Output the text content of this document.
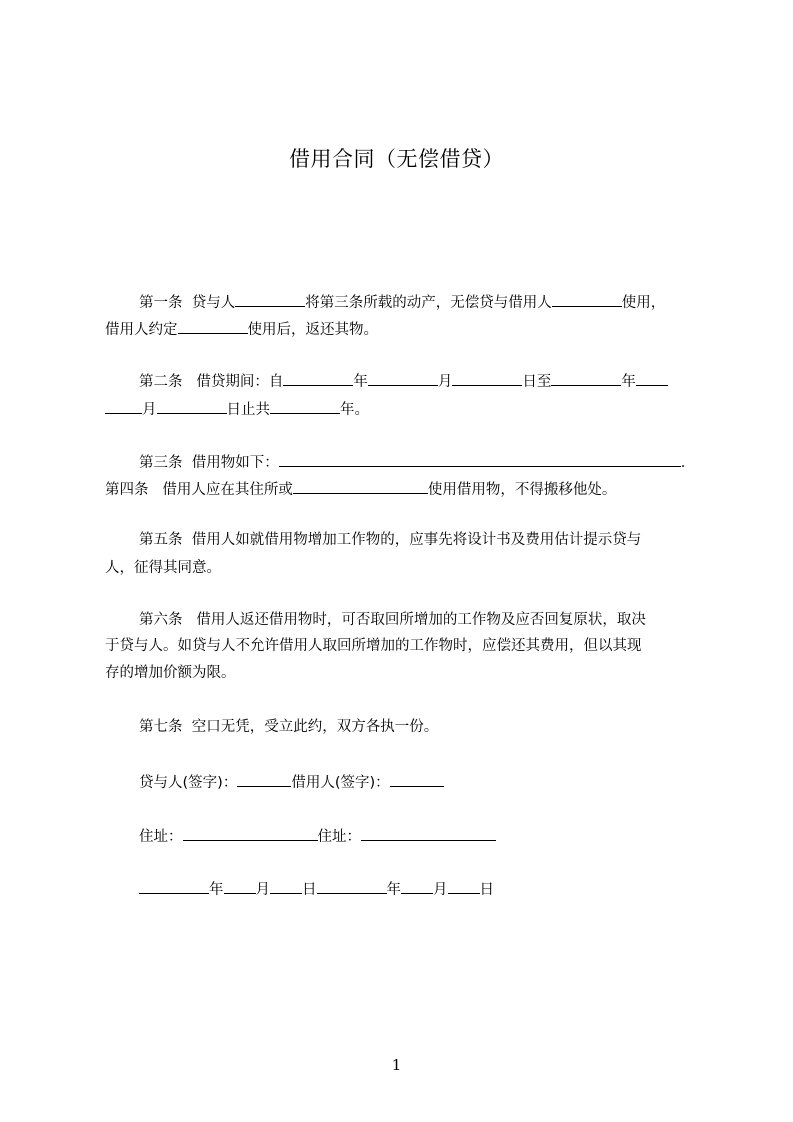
借用合同（无偿借贷）
第一条 贷与人	将第三条所载的动产，无偿贷与借用人	使用，
借用人约定	使用后，返还其物。
第二条 借贷期间：自	年	月	日至	年
月	日止共	年。
第三条 借用物如下：	.
第四条 借用人应在其住所或	使用借用物，不得搬移他处。
第五条 借用人如就借用物增加工作物的，应事先将设计书及费用估计提示贷与
人，征得其同意。
第六条 借用人返还借用物时，可否取回所增加的工作物及应否回复原状，取决
于贷与人。如贷与人不允许借用人取回所增加的工作物时，应偿还其费用，但以其现
存的增加价额为限。
第七条 空口无凭，受立此约，双方各执一份。
贷与人(签字)：	借用人(签字)：
住址：	住址：
年 月 日	年 月 日
1
